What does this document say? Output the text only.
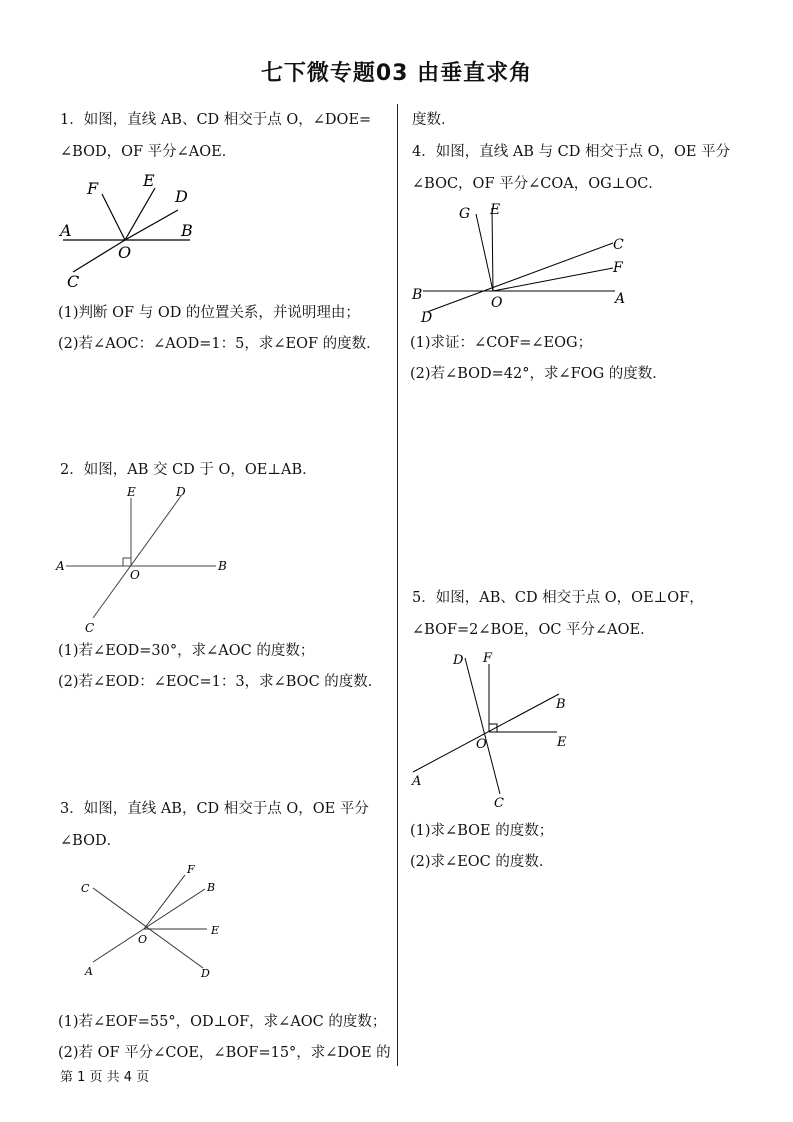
七下微专题03 由垂直求角
1．如图，直线 AB、CD 相交于点 O，∠DOE=
∠BOD，OF 平分∠AOE．
A	B
C
D
E
F
O
(1)判断 OF 与 OD 的位置关系，并说明理由；
(2)若∠AOC：∠AOD=1：5，求∠EOF 的度数．
2．如图，AB 交 CD 于 O，OE⊥AB．
A	B
C
D
E
O
(1)若∠EOD=30°，求∠AOC 的度数；
(2)若∠EOD：∠EOC=1：3，求∠BOC 的度数．
3．如图，直线 AB，CD 相交于点 O，OE 平分
∠BOD．
C
A
F
B
E
D
O
(1)若∠EOF=55°，OD⊥OF，求∠AOC 的度数；
(2)若 OF 平分∠COE，∠BOF=15°，求∠DOE 的
度数．
4．如图，直线 AB 与 CD 相交于点 O，OE 平分
∠BOC，OF 平分∠COA，OG⊥OC．
B	A
C
F
D
G E
O
(1)求证：∠COF=∠EOG；
(2)若∠BOD=42°，求∠FOG 的度数．
5．如图，AB、CD 相交于点 O，OE⊥OF，
∠BOF=2∠BOE，OC 平分∠AOE．
D F
B
E
A
C
O
(1)求∠BOE 的度数；
(2)求∠EOC 的度数．
第 1 页 共 4 页
